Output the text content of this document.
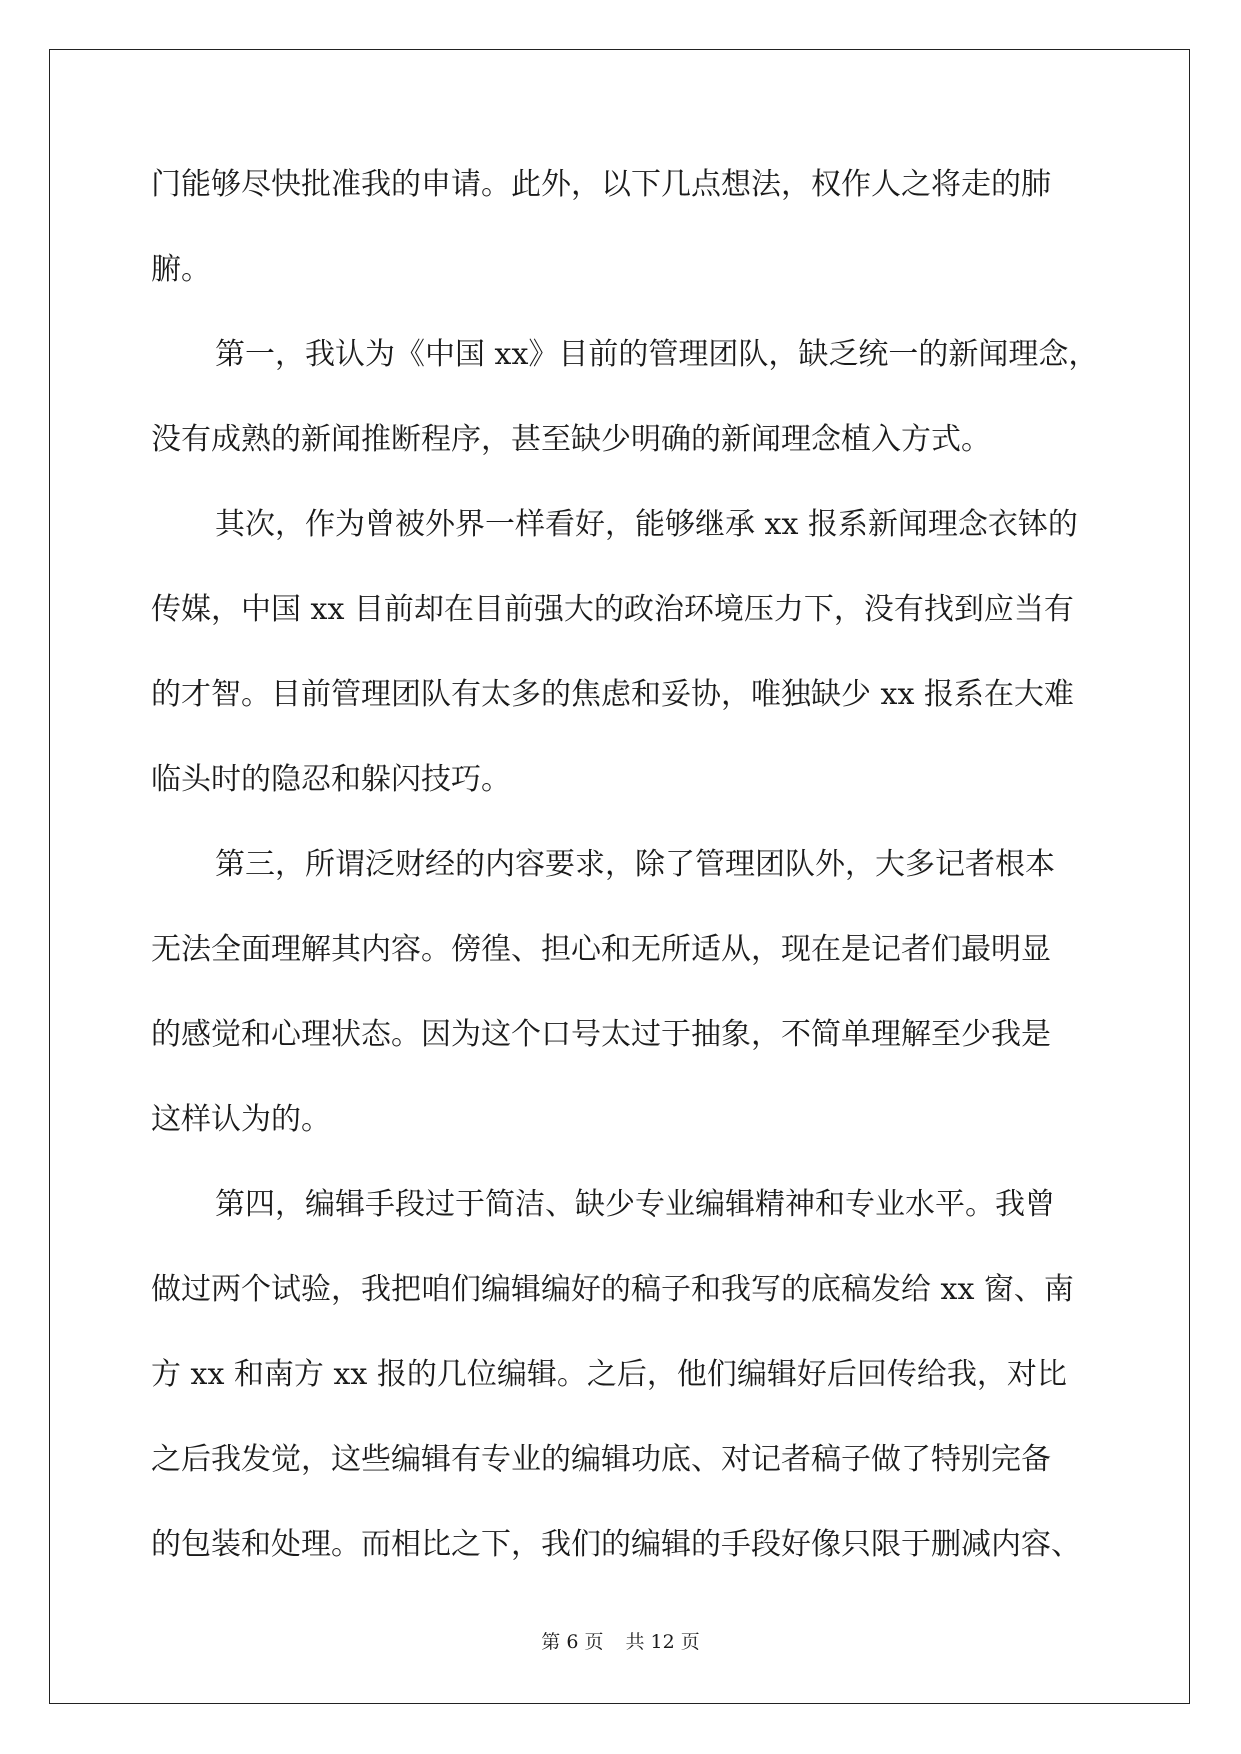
门能够尽快批准我的申请。此外，以下几点想法，权作人之将走的肺
腑。
第一，我认为《中国 xx》目前的管理团队，缺乏统一的新闻理念，
没有成熟的新闻推断程序，甚至缺少明确的新闻理念植入方式。
其次，作为曾被外界一样看好，能够继承 xx 报系新闻理念衣钵的
传媒，中国 xx 目前却在目前强大的政治环境压力下，没有找到应当有
的才智。目前管理团队有太多的焦虑和妥协，唯独缺少 xx 报系在大难
临头时的隐忍和躲闪技巧。
第三，所谓泛财经的内容要求，除了管理团队外，大多记者根本
无法全面理解其内容。傍徨、担心和无所适从，现在是记者们最明显
的感觉和心理状态。因为这个口号太过于抽象，不简单理解至少我是
这样认为的。
第四，编辑手段过于简洁、缺少专业编辑精神和专业水平。我曾
做过两个试验，我把咱们编辑编好的稿子和我写的底稿发给 xx 窗、南
方 xx 和南方 xx 报的几位编辑。之后，他们编辑好后回传给我，对比
之后我发觉，这些编辑有专业的编辑功底、对记者稿子做了特别完备
的包装和处理。而相比之下，我们的编辑的手段好像只限于删减内容、
第 6 页 共 12 页
